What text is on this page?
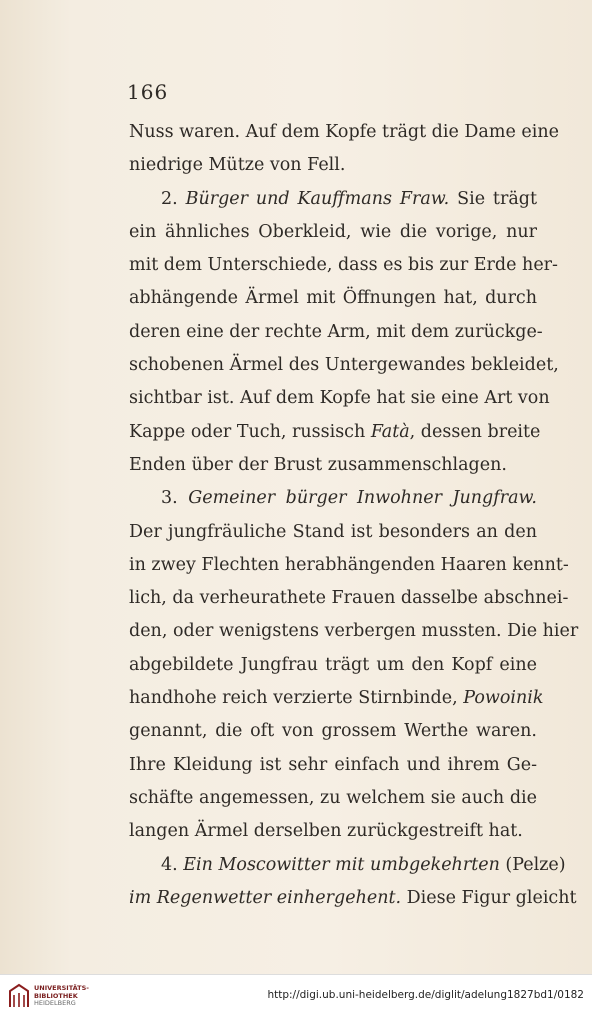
166
Nuss waren. Auf dem Kopfe trägt die Dame eine
niedrige Mütze von Fell.
2. Bürger und Kauffmans Fraw. Sie trägt
ein ähnliches Oberkleid, wie die vorige, nur
mit dem Unterschiede, dass es bis zur Erde her-
abhängende Ärmel mit Öffnungen hat, durch
deren eine der rechte Arm, mit dem zurückge-
schobenen Ärmel des Untergewandes bekleidet,
sichtbar ist. Auf dem Kopfe hat sie eine Art von
Kappe oder Tuch, russisch Fatà, dessen breite
Enden über der Brust zusammenschlagen.
3. Gemeiner bürger Inwohner Jungfraw.
Der jungfräuliche Stand ist besonders an den
in zwey Flechten herabhängenden Haaren kennt-
lich, da verheurathete Frauen dasselbe abschnei-
den, oder wenigstens verbergen mussten. Die hier
abgebildete Jungfrau trägt um den Kopf eine
handhohe reich verzierte Stirnbinde, Powoinik
genannt, die oft von grossem Werthe waren.
Ihre Kleidung ist sehr einfach und ihrem Ge-
schäfte angemessen, zu welchem sie auch die
langen Ärmel derselben zurückgestreift hat.
4. Ein Moscowitter mit umbgekehrten (Pelze)
im Regenwetter einhergehent. Diese Figur gleicht
UNIVERSITÄTS-
BIBLIOTHEK
HEIDELBERG
http://digi.ub.uni-heidelberg.de/diglit/adelung1827bd1/0182
